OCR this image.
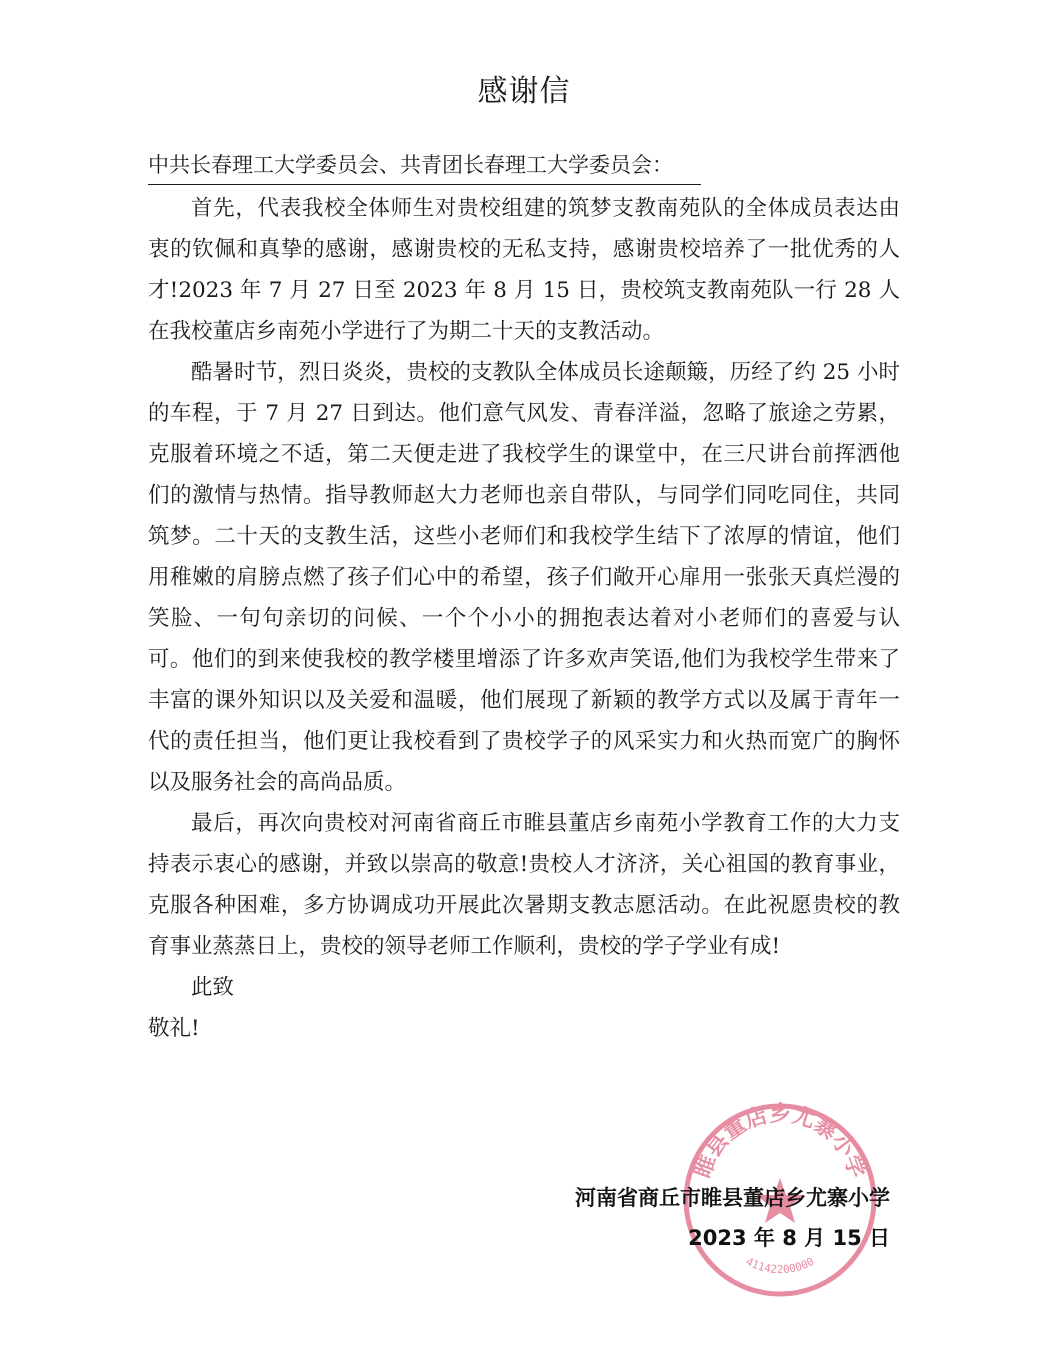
感谢信
中共长春理工大学委员会、共青团长春理工大学委员会：

首先，代表我校全体师生对贵校组建的筑梦支教南苑队的全体成员表达由衷的钦佩和真挚的感谢，感谢贵校的无私支持，感谢贵校培养了一批优秀的人才!2023 年 7 月 27 日至 2023 年 8 月 15 日，贵校筑支教南苑队一行 28 人在我校董店乡南苑小学进行了为期二十天的支教活动。

酷暑时节，烈日炎炎，贵校的支教队全体成员长途颠簸，历经了约 25 小时的车程，于 7 月 27 日到达。他们意气风发、青春洋溢，忽略了旅途之劳累，克服着环境之不适，第二天便走进了我校学生的课堂中，在三尺讲台前挥洒他们的激情与热情。指导教师赵大力老师也亲自带队，与同学们同吃同住，共同筑梦。二十天的支教生活，这些小老师们和我校学生结下了浓厚的情谊，他们用稚嫩的肩膀点燃了孩子们心中的希望，孩子们敞开心扉用一张张天真烂漫的笑脸、一句句亲切的问候、一个个小小的拥抱表达着对小老师们的喜爱与认可。他们的到来使我校的教学楼里增添了许多欢声笑语,他们为我校学生带来了丰富的课外知识以及关爱和温暖，他们展现了新颖的教学方式以及属于青年一代的责任担当，他们更让我校看到了贵校学子的风采实力和火热而宽广的胸怀以及服务社会的高尚品质。

最后，再次向贵校对河南省商丘市睢县董店乡南苑小学教育工作的大力支持表示衷心的感谢，并致以崇高的敬意!贵校人才济济，关心祖国的教育事业，克服各种困难，多方协调成功开展此次暑期支教志愿活动。在此祝愿贵校的教育事业蒸蒸日上，贵校的领导老师工作顺利，贵校的学子学业有成!

此致

敬礼!

睢县董店乡尤寨小学
41142200000
河南省商丘市睢县董店乡尤寨小学
2023 年 8 月 15 日
